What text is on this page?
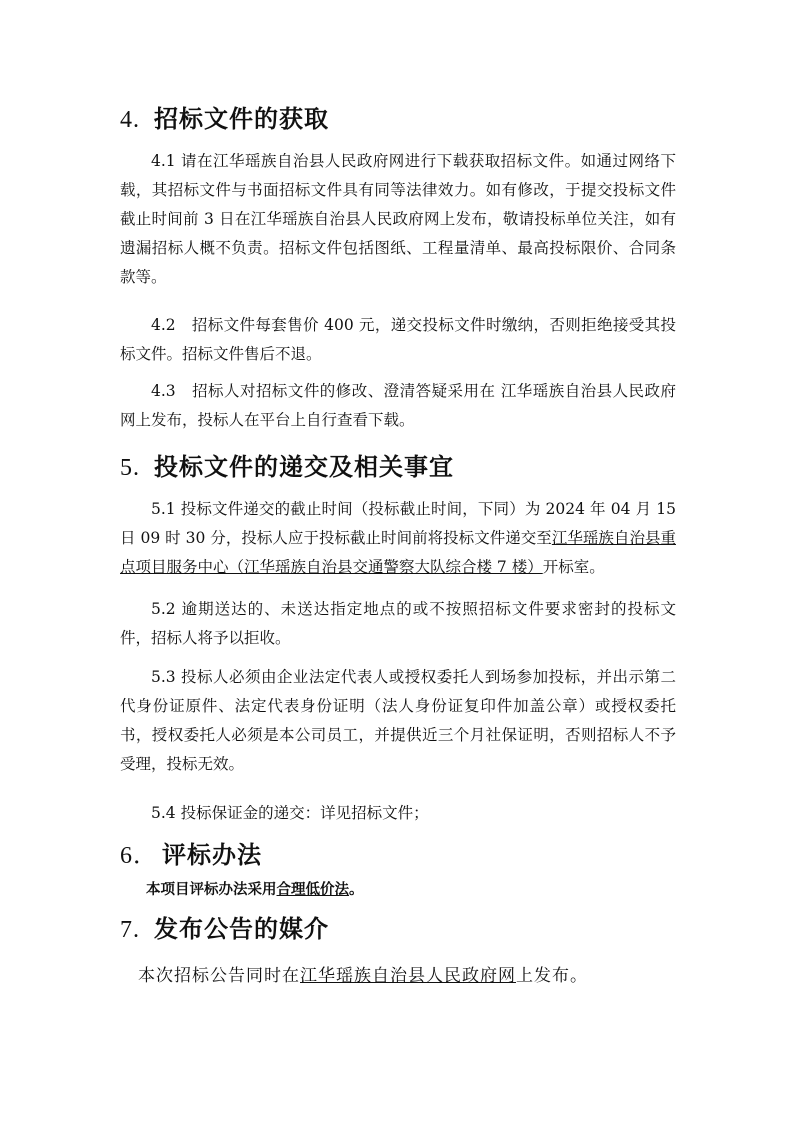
4. 招标文件的获取

4.1 请在江华瑶族自治县人民政府网进行下载获取招标文件。如通过网络下载，其招标文件与书面招标文件具有同等法律效力。如有修改，于提交投标文件截止时间前 3 日在江华瑶族自治县人民政府网上发布，敬请投标单位关注，如有遗漏招标人概不负责。招标文件包括图纸、工程量清单、最高投标限价、合同条款等。

4.2　招标文件每套售价 400 元，递交投标文件时缴纳，否则拒绝接受其投标文件。招标文件售后不退。

4.3　招标人对招标文件的修改、澄清答疑采用在 江华瑶族自治县人民政府网上发布，投标人在平台上自行查看下载。

5. 投标文件的递交及相关事宜

5.1 投标文件递交的截止时间（投标截止时间，下同）为 2024 年 04 月 15 日 09 时 30 分，投标人应于投标截止时间前将投标文件递交至江华瑶族自治县重点项目服务中心（江华瑶族自治县交通警察大队综合楼 7 楼）开标室。

5.2 逾期送达的、未送达指定地点的或不按照招标文件要求密封的投标文件，招标人将予以拒收。

5.3 投标人必须由企业法定代表人或授权委托人到场参加投标，并出示第二代身份证原件、法定代表身份证明（法人身份证复印件加盖公章）或授权委托书，授权委托人必须是本公司员工，并提供近三个月社保证明，否则招标人不予受理，投标无效。

5.4 投标保证金的递交：详见招标文件；

6． 评标办法

本项目评标办法采用合理低价法。

7. 发布公告的媒介

本次招标公告同时在江华瑶族自治县人民政府网上发布。
